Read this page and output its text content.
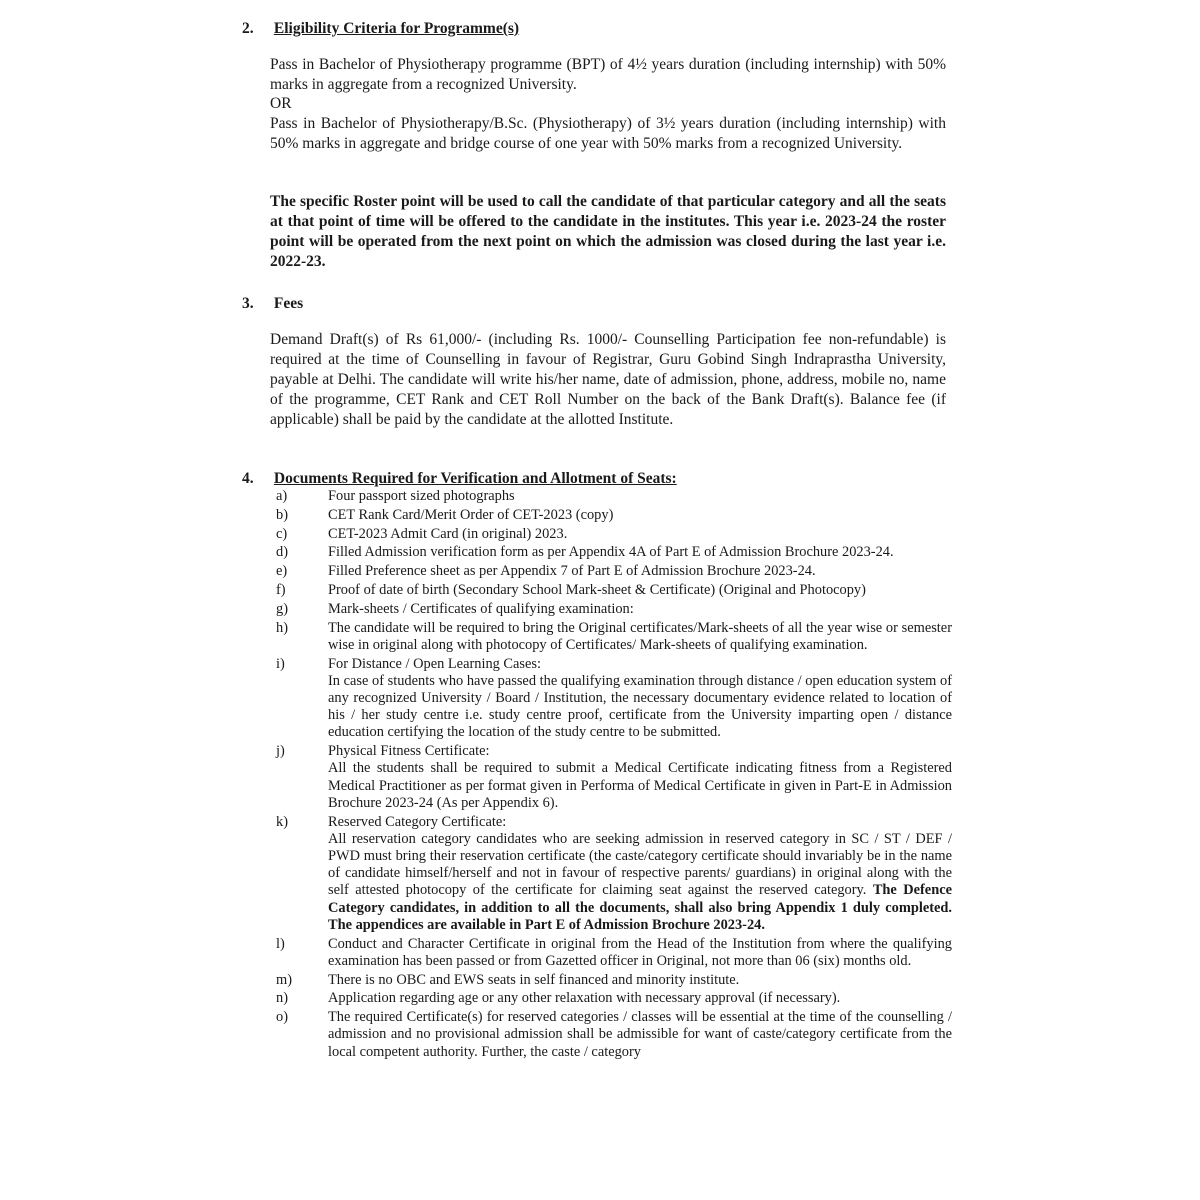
2. Eligibility Criteria for Programme(s)
Pass in Bachelor of Physiotherapy programme (BPT) of 4½ years duration (including internship) with 50% marks in aggregate from a recognized University.
OR
Pass in Bachelor of Physiotherapy/B.Sc. (Physiotherapy) of 3½ years duration (including internship) with 50% marks in aggregate and bridge course of one year with 50% marks from a recognized University.
The specific Roster point will be used to call the candidate of that particular category and all the seats at that point of time will be offered to the candidate in the institutes. This year i.e. 2023-24 the roster point will be operated from the next point on which the admission was closed during the last year i.e. 2022-23.
3. Fees
Demand Draft(s) of Rs 61,000/- (including Rs. 1000/- Counselling Participation fee non-refundable) is required at the time of Counselling in favour of Registrar, Guru Gobind Singh Indraprastha University, payable at Delhi. The candidate will write his/her name, date of admission, phone, address, mobile no, name of the programme, CET Rank and CET Roll Number on the back of the Bank Draft(s). Balance fee (if applicable) shall be paid by the candidate at the allotted Institute.
4. Documents Required for Verification and Allotment of Seats:
a)	Four passport sized photographs
b)	CET Rank Card/Merit Order of CET-2023 (copy)
c)	CET-2023 Admit Card (in original) 2023.
d)	Filled Admission verification form as per Appendix 4A of Part E of Admission Brochure 2023-24.
e)	Filled Preference sheet as per Appendix 7 of Part E of Admission Brochure 2023-24.
f)	Proof of date of birth (Secondary School Mark-sheet & Certificate) (Original and Photocopy)
g)	Mark-sheets / Certificates of qualifying examination:
h)	The candidate will be required to bring the Original certificates/Mark-sheets of all the year wise or semester wise in original along with photocopy of Certificates/ Mark-sheets of qualifying examination.
i)	For Distance / Open Learning Cases:
In case of students who have passed the qualifying examination through distance / open education system of any recognized University / Board / Institution, the necessary documentary evidence related to location of his / her study centre i.e. study centre proof, certificate from the University imparting open / distance education certifying the location of the study centre to be submitted.
j)	Physical Fitness Certificate:
All the students shall be required to submit a Medical Certificate indicating fitness from a Registered Medical Practitioner as per format given in Performa of Medical Certificate in given in Part-E in Admission Brochure 2023-24 (As per Appendix 6).
k)	Reserved Category Certificate:
All reservation category candidates who are seeking admission in reserved category in SC / ST / DEF / PWD must bring their reservation certificate (the caste/category certificate should invariably be in the name of candidate himself/herself and not in favour of respective parents/ guardians) in original along with the self attested photocopy of the certificate for claiming seat against the reserved category. The Defence Category candidates, in addition to all the documents, shall also bring Appendix 1 duly completed. The appendices are available in Part E of Admission Brochure 2023-24.
l)	Conduct and Character Certificate in original from the Head of the Institution from where the qualifying examination has been passed or from Gazetted officer in Original, not more than 06 (six) months old.
m)	There is no OBC and EWS seats in self financed and minority institute.
n)	Application regarding age or any other relaxation with necessary approval (if necessary).
o)	The required Certificate(s) for reserved categories / classes will be essential at the time of the counselling / admission and no provisional admission shall be admissible for want of caste/category certificate from the local competent authority. Further, the caste / category
